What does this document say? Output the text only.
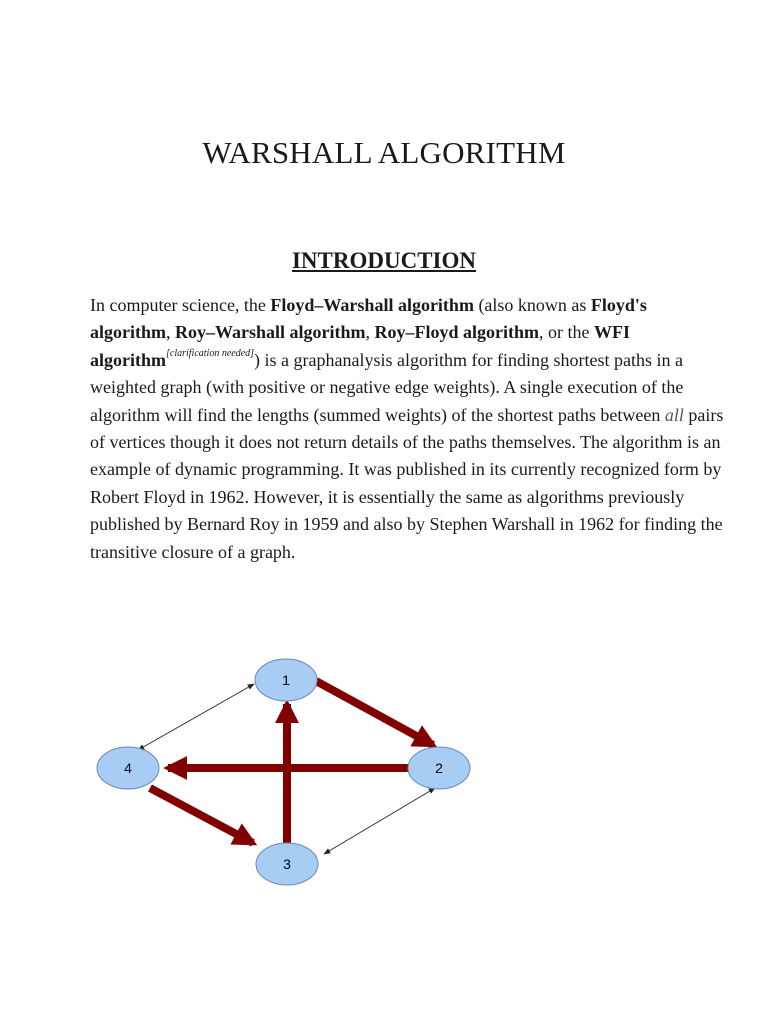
WARSHALL ALGORITHM
INTRODUCTION

In computer science, the Floyd–Warshall algorithm (also known as Floyd's algorithm, Roy–Warshall algorithm, Roy–Floyd algorithm, or the WFI algorithm[clarification needed]) is a graphanalysis algorithm for finding shortest paths in a weighted graph (with positive or negative edge weights). A single execution of the algorithm will find the lengths (summed weights) of the shortest paths between all pairs of vertices though it does not return details of the paths themselves. The algorithm is an example of dynamic programming. It was published in its currently recognized form by Robert Floyd in 1962. However, it is essentially the same as algorithms previously published by Bernard Roy in 1959 and also by Stephen Warshall in 1962 for finding the transitive closure of a graph.

1
2
3
4
